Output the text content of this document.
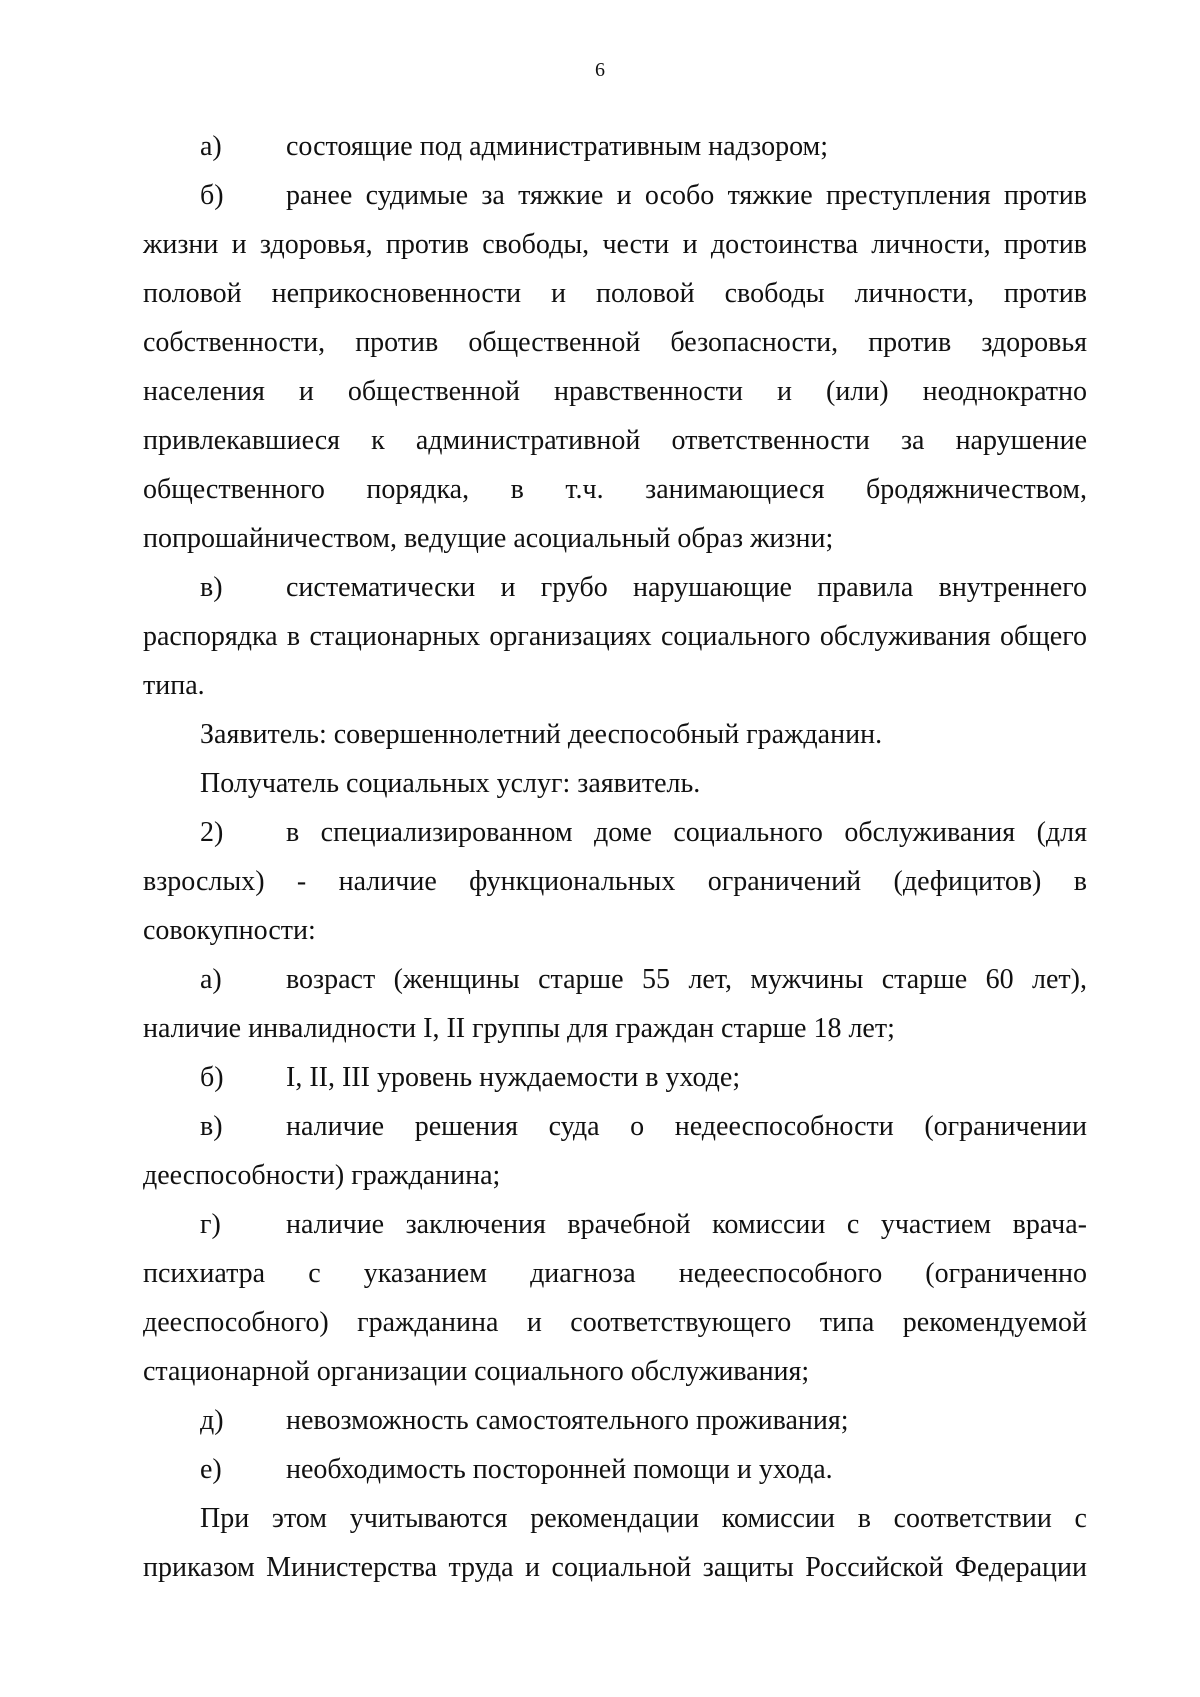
6

а) состоящие под административным надзором;

б) ранее судимые за тяжкие и особо тяжкие преступления против жизни и здоровья, против свободы, чести и достоинства личности, против половой неприкосновенности и половой свободы личности, против собственности, против общественной безопасности, против здоровья населения и общественной нравственности и (или) неоднократно привлекавшиеся к административной ответственности за нарушение общественного порядка, в т.ч. занимающиеся бродяжничеством, попрошайничеством, ведущие асоциальный образ жизни;

в) систематически и грубо нарушающие правила внутреннего распорядка в стационарных организациях социального обслуживания общего типа.

Заявитель: совершеннолетний дееспособный гражданин.

Получатель социальных услуг: заявитель.

2) в специализированном доме социального обслуживания (для взрослых) - наличие функциональных ограничений (дефицитов) в совокупности:

а) возраст (женщины старше 55 лет, мужчины старше 60 лет), наличие инвалидности I, II группы для граждан старше 18 лет;

б) I, II, III уровень нуждаемости в уходе;

в) наличие решения суда о недееспособности (ограничении дееспособности) гражданина;

г) наличие заключения врачебной комиссии с участием врача-психиатра с указанием диагноза недееспособного (ограниченно дееспособного) гражданина и соответствующего типа рекомендуемой стационарной организации социального обслуживания;

д) невозможность самостоятельного проживания;

е) необходимость посторонней помощи и ухода.

При этом учитываются рекомендации комиссии в соответствии с приказом Министерства труда и социальной защиты Российской Федерации
